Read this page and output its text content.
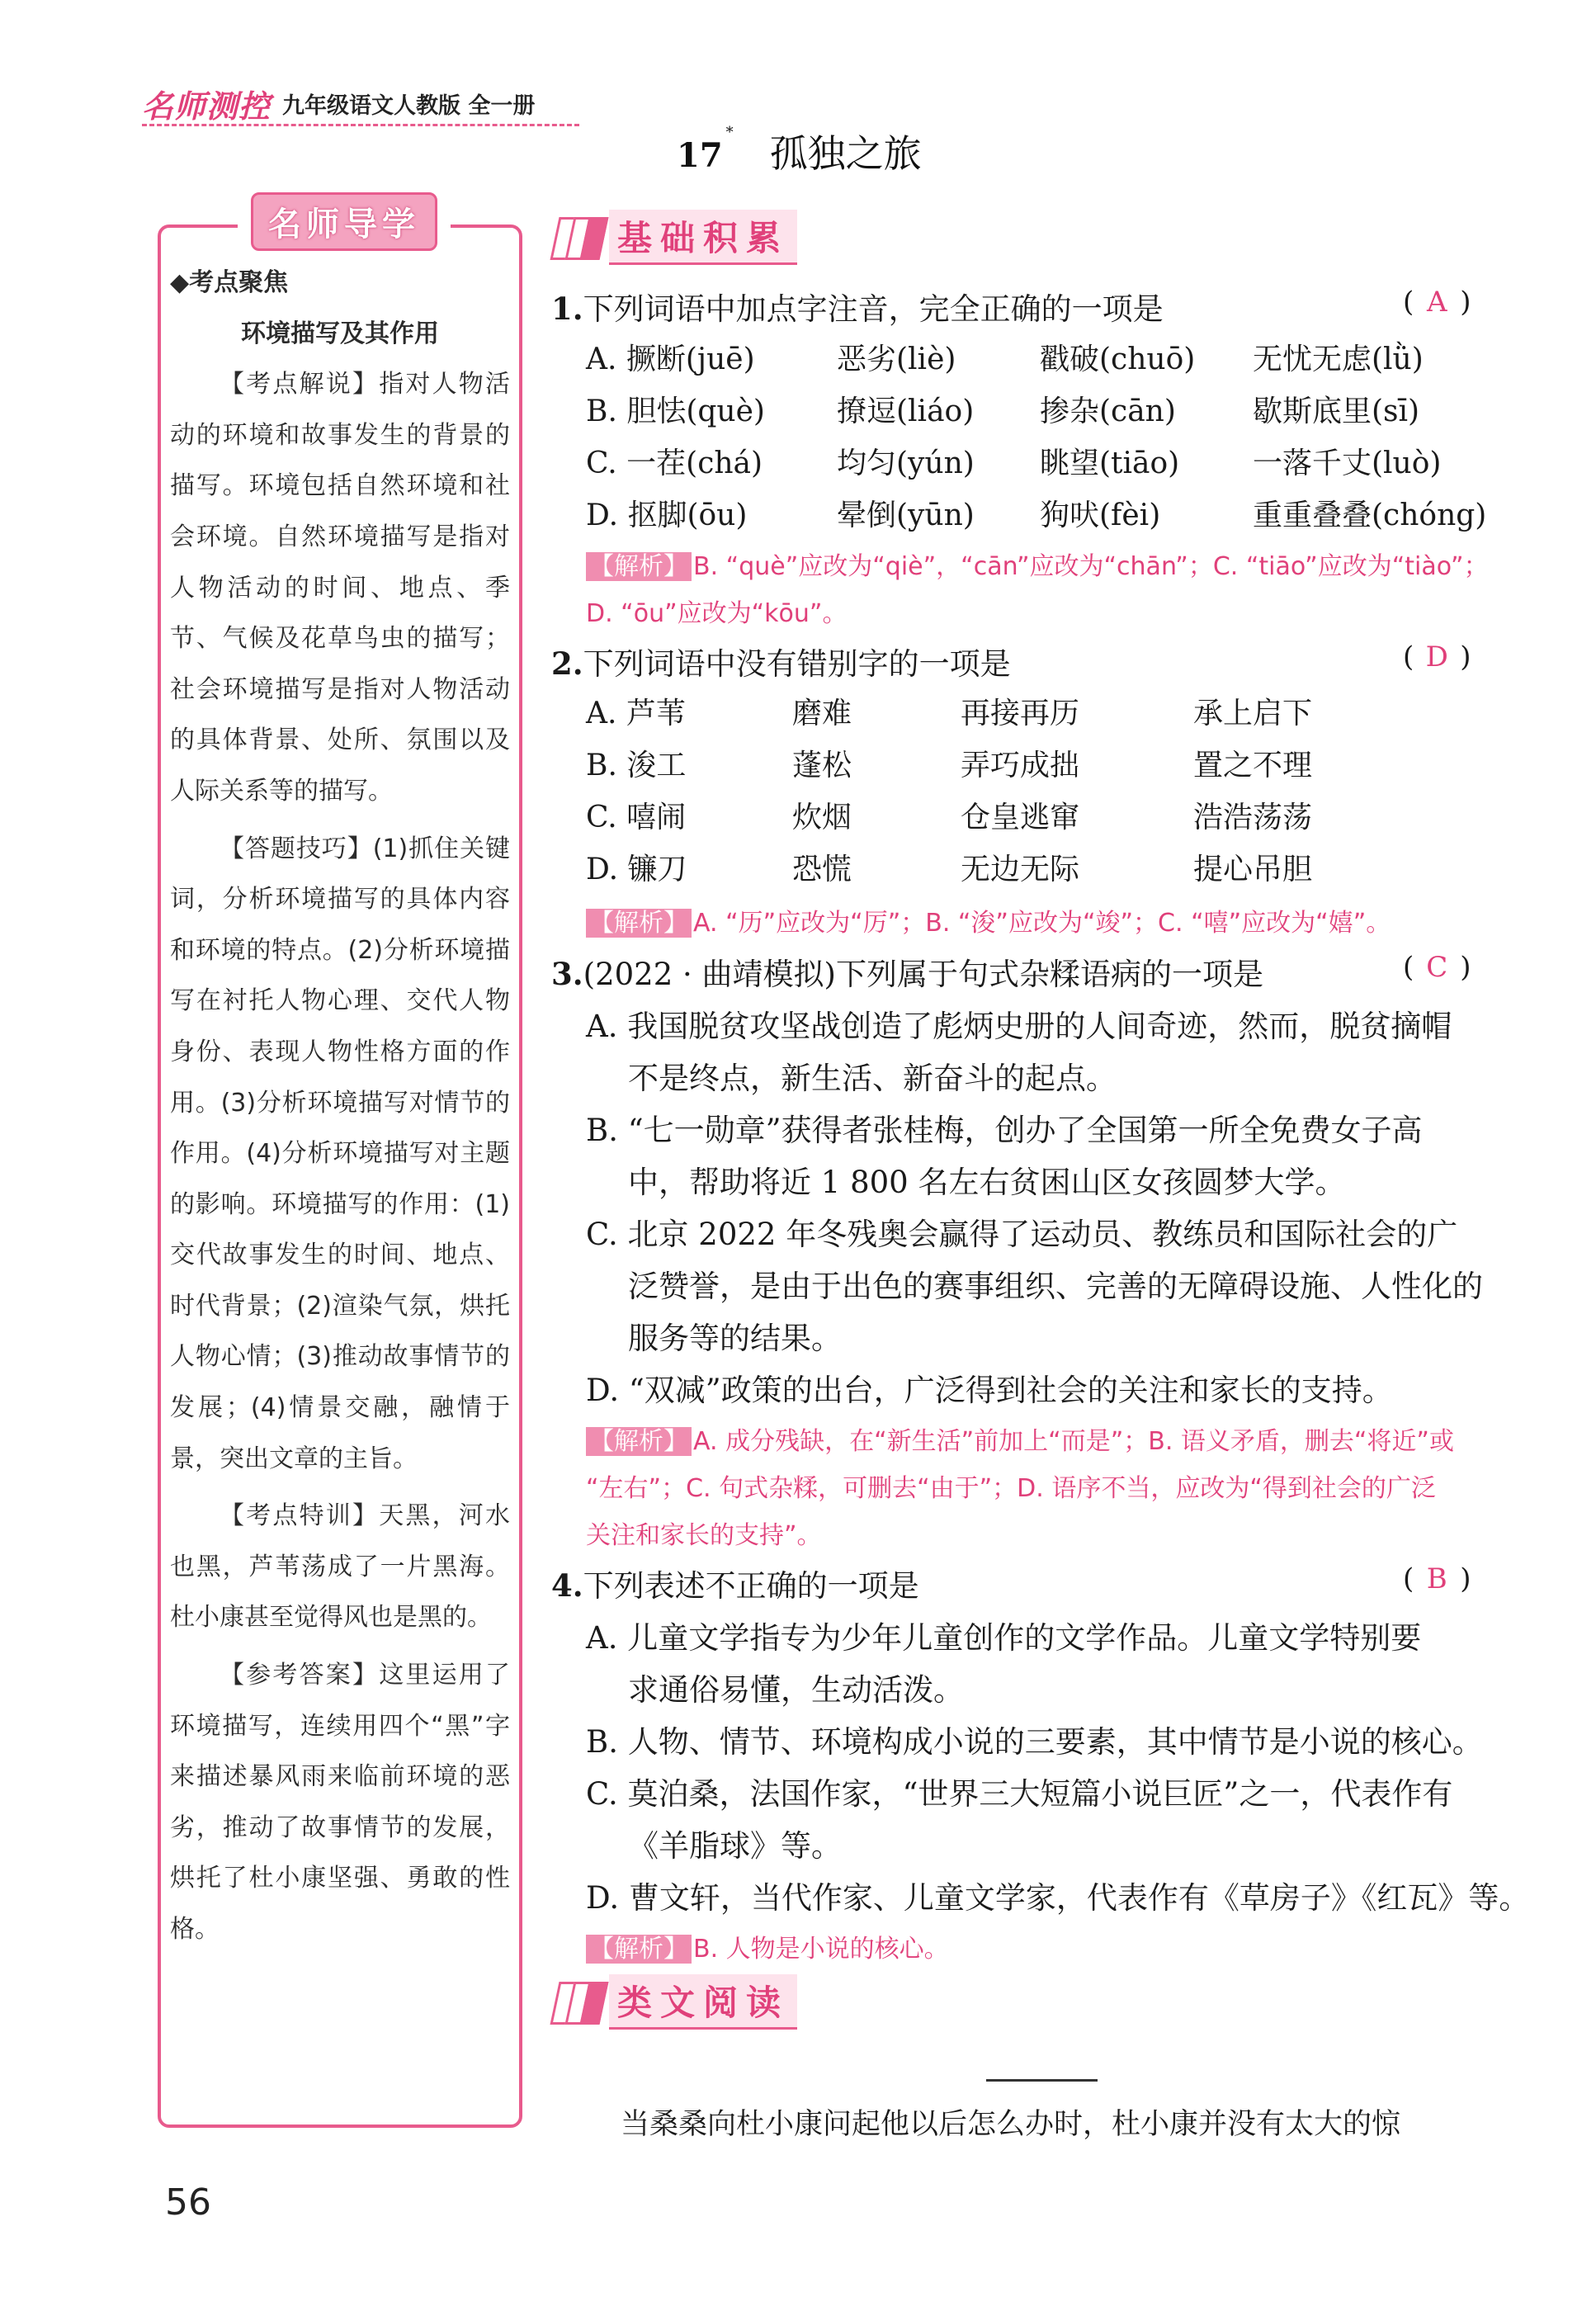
名师测控 九年级语文人教版 全一册
17* 孤独之旅
名师导学
◆考点聚焦
环境描写及其作用

【考点解说】指对人物活动的环境和故事发生的背景的描写。环境包括自然环境和社会环境。自然环境描写是指对人物活动的时间、地点、季节、气候及花草鸟虫的描写；社会环境描写是指对人物活动的具体背景、处所、氛围以及人际关系等的描写。

【答题技巧】(1)抓住关键词，分析环境描写的具体内容和环境的特点。(2)分析环境描写在衬托人物心理、交代人物身份、表现人物性格方面的作用。(3)分析环境描写对情节的作用。(4)分析环境描写对主题的影响。环境描写的作用：(1)交代故事发生的时间、地点、时代背景；(2)渲染气氛，烘托人物心情；(3)推动故事情节的发展；(4)情景交融，融情于景，突出文章的主旨。

【考点特训】天黑，河水也黑，芦苇荡成了一片黑海。杜小康甚至觉得风也是黑的。

【参考答案】这里运用了环境描写，连续用四个“黑”字来描述暴风雨来临前环境的恶劣，推动了故事情节的发展，烘托了杜小康坚强、勇敢的性格。

基础积累
1.下列词语中加点字注音，完全正确的一项是	( A )
A. 撅断(juē)	恶劣(liè)	戳破(chuō) 无忧无虑(lǜ)
B. 胆怯(què) 撩逗(liáo) 掺杂(cān)	歇斯底里(sī)
C. 一茬(chá) 均匀(yún) 眺望(tiāo) 一落千丈(luò)
D. 抠脚(ōu)	晕倒(yūn) 狗吠(fèi)	重重叠叠(chóng)
【解析】 B. “què”应改为“qiè”，“cān”应改为“chān”；C. “tiāo”应改为“tiào”；
D. “ōu”应改为“kōu”。
2.下列词语中没有错别字的一项是	( D )
A. 芦苇	磨难	再接再历	承上启下
B. 浚工	蓬松	弄巧成拙	置之不理
C. 嘻闹	炊烟	仓皇逃窜	浩浩荡荡
D. 镰刀	恐慌	无边无际	提心吊胆
【解析】 A. “历”应改为“厉”；B. “浚”应改为“竣”；C. “嘻”应改为“嬉”。
3.(2022 · 曲靖模拟)下列属于句式杂糅语病的一项是	( C )
A. 我国脱贫攻坚战创造了彪炳史册的人间奇迹，然而，脱贫摘帽
不是终点，新生活、新奋斗的起点。
B. “七一勋章”获得者张桂梅，创办了全国第一所全免费女子高
中，帮助将近 1 800 名左右贫困山区女孩圆梦大学。
C. 北京 2022 年冬残奥会赢得了运动员、教练员和国际社会的广
泛赞誉，是由于出色的赛事组织、完善的无障碍设施、人性化的
服务等的结果。
D. “双减”政策的出台，广泛得到社会的关注和家长的支持。
【解析】 A. 成分残缺，在“新生活”前加上“而是”；B. 语义矛盾，删去“将近”或
“左右”；C. 句式杂糅，可删去“由于”；D. 语序不当，应改为“得到社会的广泛
关注和家长的支持”。
4.下列表述不正确的一项是	( B )
A. 儿童文学指专为少年儿童创作的文学作品。儿童文学特别要
求通俗易懂，生动活泼。
B. 人物、情节、环境构成小说的三要素，其中情节是小说的核心。
C. 莫泊桑，法国作家，“世界三大短篇小说巨匠”之一，代表作有
《羊脂球》等。
D. 曹文轩，当代作家、儿童文学家，代表作有《草房子》《红瓦》等。
【解析】 B. 人物是小说的核心。
类文阅读
当桑桑向杜小康问起他以后怎么办时，杜小康并没有太大的惊
56
